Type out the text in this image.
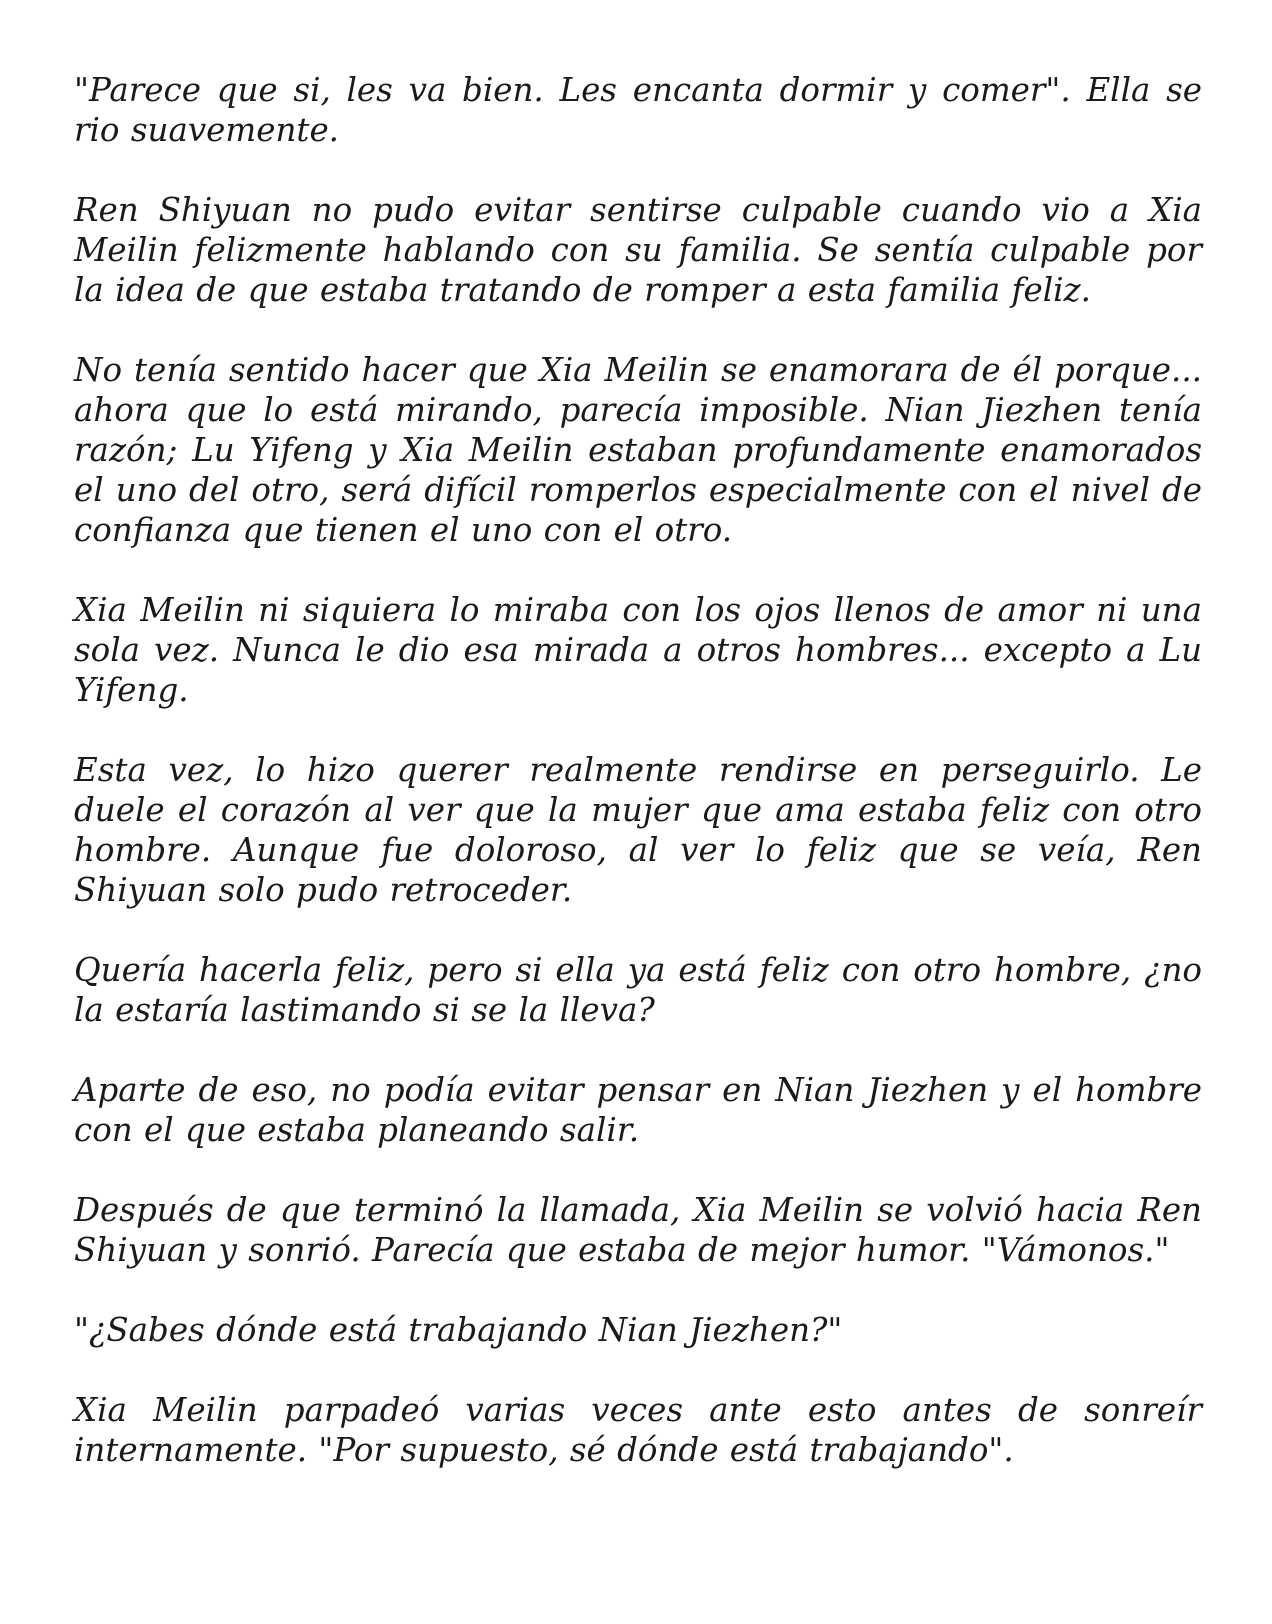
"Parece que si, les va bien. Les encanta dormir y comer". Ella se rio suavemente.

Ren Shiyuan no pudo evitar sentirse culpable cuando vio a Xia Meilin felizmente hablando con su familia. Se sentía culpable por la idea de que estaba tratando de romper a esta familia feliz.

No tenía sentido hacer que Xia Meilin se enamorara de él porque... ahora que lo está mirando, parecía imposible. Nian Jiezhen tenía razón; Lu Yifeng y Xia Meilin estaban profundamente enamorados el uno del otro, será difícil romperlos especialmente con el nivel de confianza que tienen el uno con el otro.

Xia Meilin ni siquiera lo miraba con los ojos llenos de amor ni una sola vez. Nunca le dio esa mirada a otros hombres... excepto a Lu Yifeng.

Esta vez, lo hizo querer realmente rendirse en perseguirlo. Le duele el corazón al ver que la mujer que ama estaba feliz con otro hombre. Aunque fue doloroso, al ver lo feliz que se veía, Ren Shiyuan solo pudo retroceder.

Quería hacerla feliz, pero si ella ya está feliz con otro hombre, ¿no la estaría lastimando si se la lleva?

Aparte de eso, no podía evitar pensar en Nian Jiezhen y el hombre con el que estaba planeando salir.

Después de que terminó la llamada, Xia Meilin se volvió hacia Ren Shiyuan y sonrió. Parecía que estaba de mejor humor. "Vámonos."

"¿Sabes dónde está trabajando Nian Jiezhen?"

Xia Meilin parpadeó varias veces ante esto antes de sonreír internamente. "Por supuesto, sé dónde está trabajando".
